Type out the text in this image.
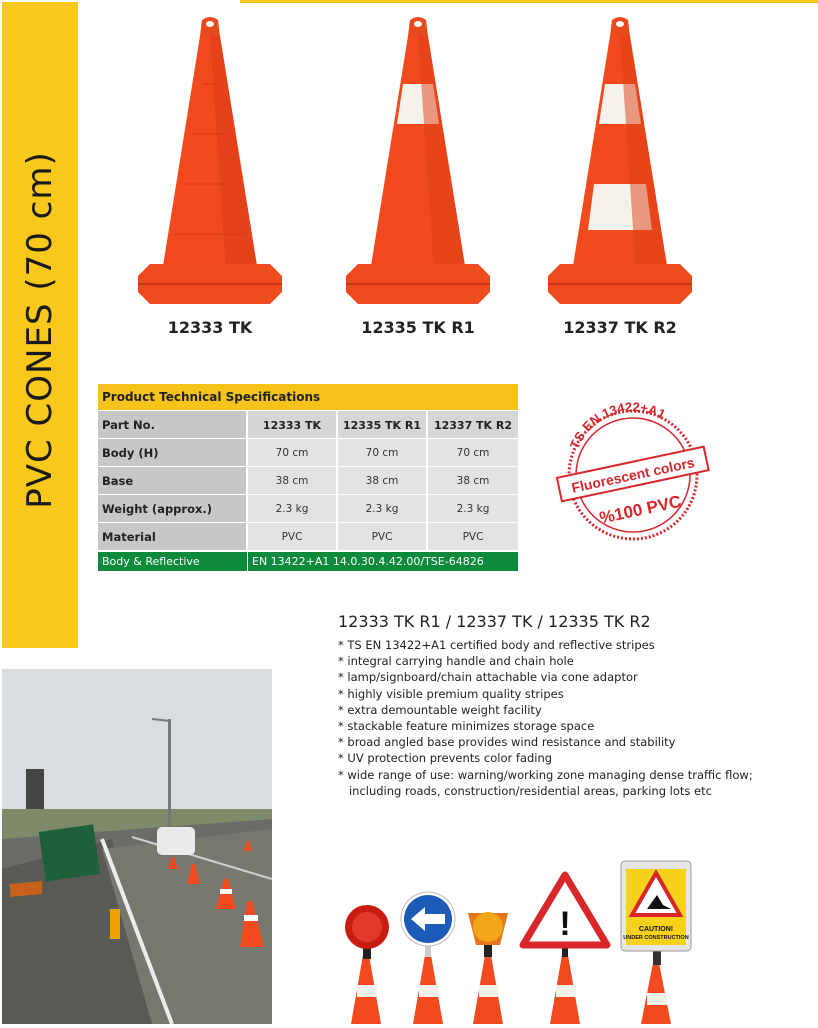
PVC CONES (70 cm)	12333 TK	12335 TK R1	12337 TK R2
Product Technical Specifications
Part No.	12333 TK	12335 TK R1	12337 TK R2
Body (H)	70 cm	70 cm	70 cm
Base	38 cm	38 cm	38 cm
Weight (approx.)	2.3 kg	2.3 kg	2.3 kg
Material	PVC	PVC	PVC
Body & Reflective	EN 13422+A1 14.0.30.4.42.00/TSE-64826
TS EN 13422+A1
Fluorescent colors
%100 PVC
12333 TK R1 / 12337 TK / 12335 TK R2
* TS EN 13422+A1 certified body and reflective stripes
* integral carrying handle and chain hole
* lamp/signboard/chain attachable via cone adaptor
* highly visible premium quality stripes
* extra demountable weight facility
* stackable feature minimizes storage space
* broad angled base provides wind resistance and stability
* UV protection prevents color fading
* wide range of use: warning/working zone managing dense traffic flow;
including roads, construction/residential areas, parking lots etc
!	CAUTION!
UNDER CONSTRUCTION
